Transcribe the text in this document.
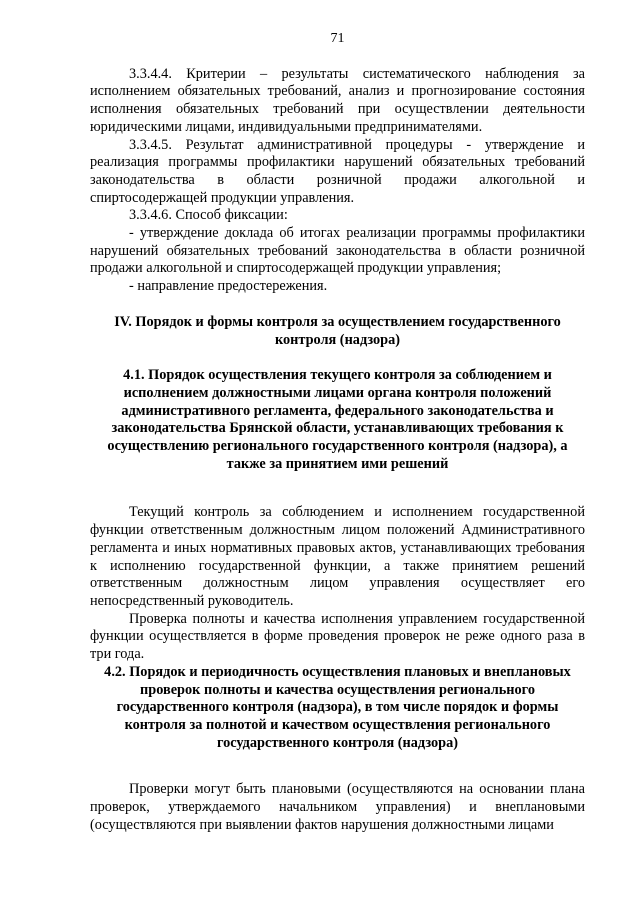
71

3.3.4.4. Критерии – результаты систематического наблюдения за исполнением обязательных требований, анализ и прогнозирование состояния исполнения обязательных требований при осуществлении деятельности юридическими лицами, индивидуальными предпринимателями.

3.3.4.5. Результат административной процедуры - утверждение и реализация программы профилактики нарушений обязательных требований законодательства в области розничной продажи алкогольной и спиртосодержащей продукции управления.

3.3.4.6. Способ фиксации:

- утверждение доклада об итогах реализации программы профилактики нарушений обязательных требований законодательства в области розничной продажи алкогольной и спиртосодержащей продукции управления;

- направление предостережения.

IV. Порядок и формы контроля за осуществлением государственного контроля (надзора)
4.1. Порядок осуществления текущего контроля за соблюдением и исполнением должностными лицами органа контроля положений административного регламента, федерального законодательства и законодательства Брянской области, устанавливающих требования к осуществлению регионального государственного контроля (надзора), а также за принятием ими решений

Текущий контроль за соблюдением и исполнением государственной функции ответственным должностным лицом положений Административного регламента и иных нормативных правовых актов, устанавливающих требования к исполнению государственной функции, а также принятием решений ответственным должностным лицом управления осуществляет его непосредственный руководитель.

Проверка полноты и качества исполнения управлением государственной функции осуществляется в форме проведения проверок не реже одного раза в три года.

4.2. Порядок и периодичность осуществления плановых и внеплановых проверок полноты и качества осуществления регионального государственного контроля (надзора), в том числе порядок и формы контроля за полнотой и качеством осуществления регионального государственного контроля (надзора)

Проверки могут быть плановыми (осуществляются на основании плана проверок, утверждаемого начальником управления) и внеплановыми (осуществляются при выявлении фактов нарушения должностными лицами
